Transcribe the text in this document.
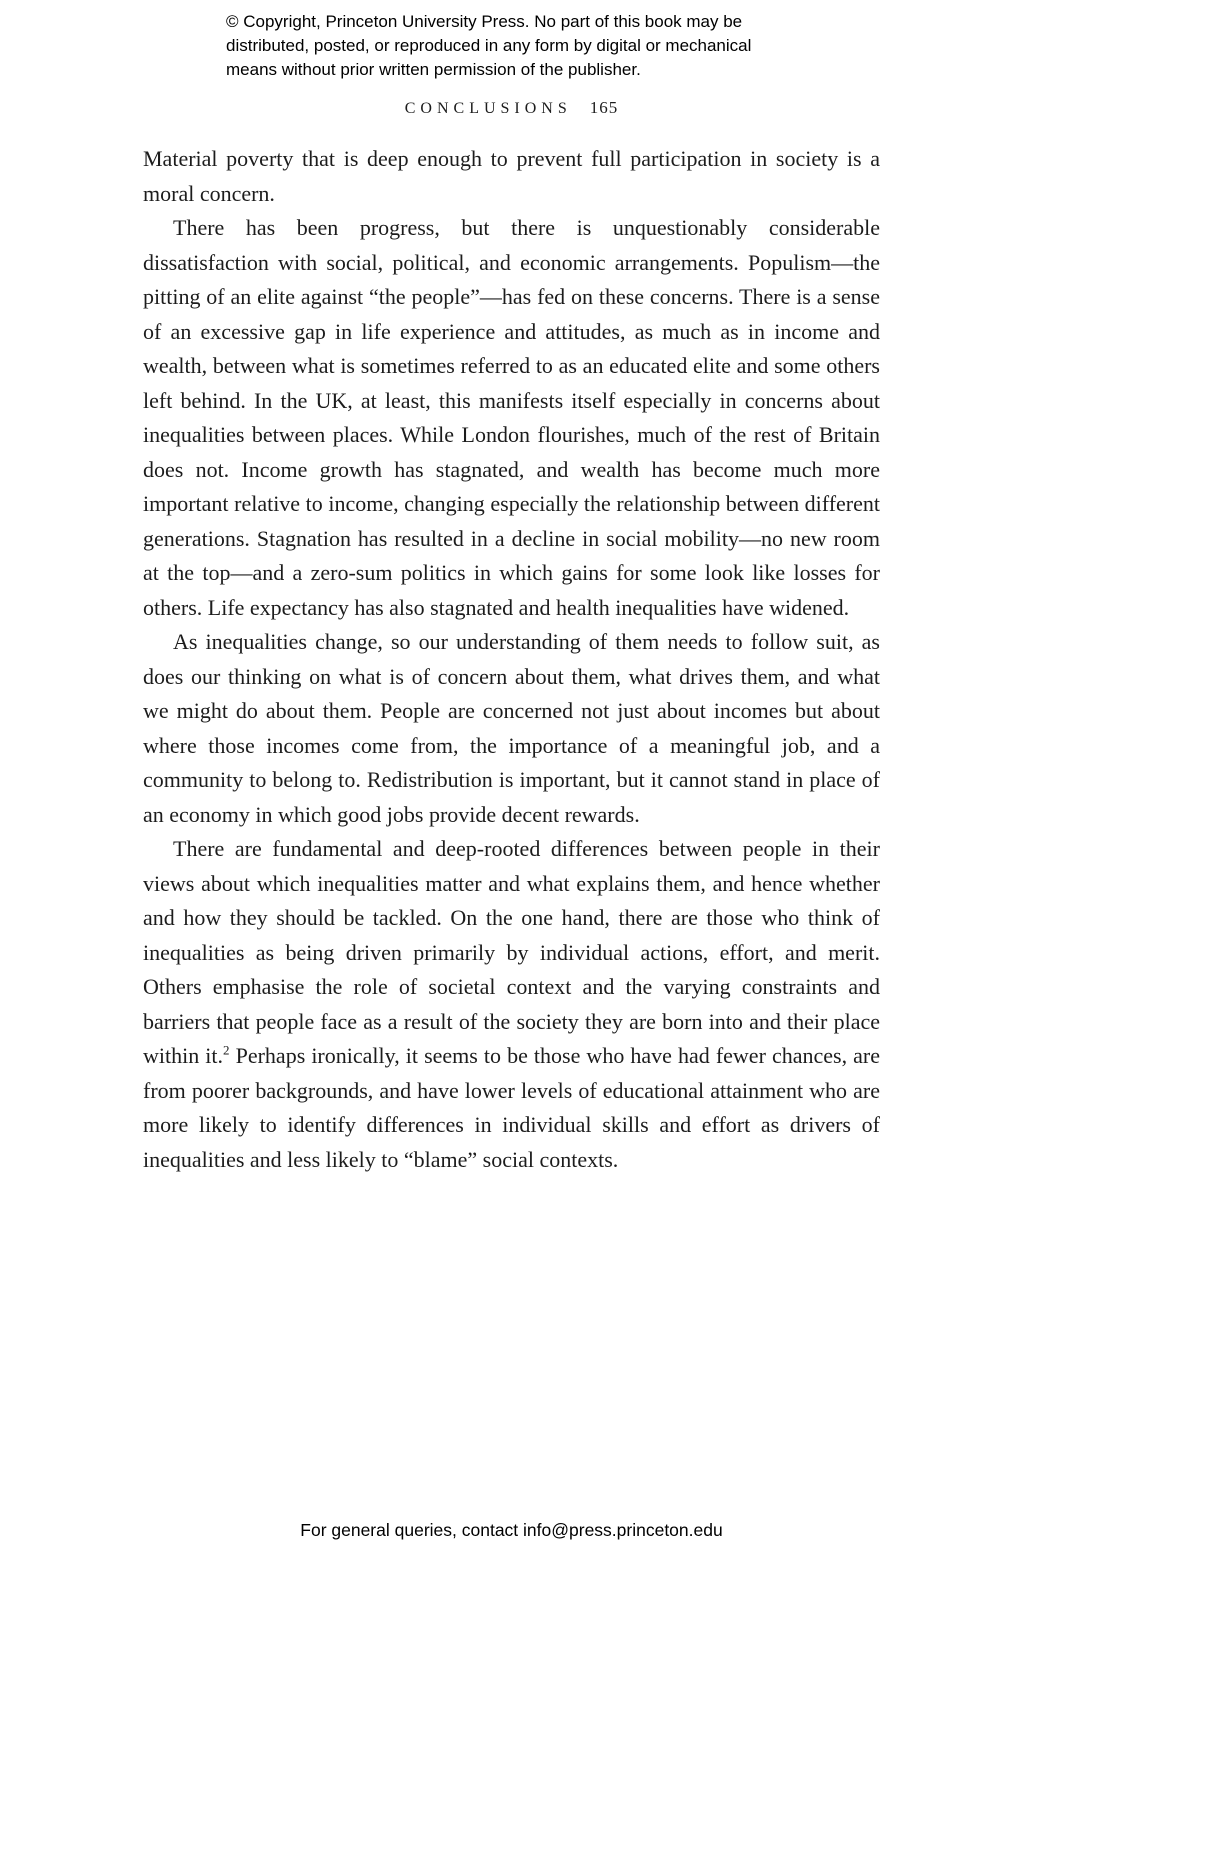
© Copyright, Princeton University Press. No part of this book may be
distributed, posted, or reproduced in any form by digital or mechanical
means without prior written permission of the publisher.
CONCLUSIONS 165

Material poverty that is deep enough to prevent full participation in society is a moral concern.

There has been progress, but there is unquestionably considerable dissatisfaction with social, political, and economic arrangements. Populism—the pitting of an elite against “the people”—has fed on these concerns. There is a sense of an excessive gap in life experience and attitudes, as much as in income and wealth, between what is sometimes referred to as an educated elite and some others left behind. In the UK, at least, this manifests itself especially in concerns about inequalities between places. While London flourishes, much of the rest of Britain does not. Income growth has stagnated, and wealth has become much more important relative to income, changing especially the relationship between different generations. Stagnation has resulted in a decline in social mobility—no new room at the top—and a zero-sum politics in which gains for some look like losses for others. Life expectancy has also stagnated and health inequalities have widened.

As inequalities change, so our understanding of them needs to follow suit, as does our thinking on what is of concern about them, what drives them, and what we might do about them. People are concerned not just about incomes but about where those incomes come from, the importance of a meaningful job, and a community to belong to. Redistribution is important, but it cannot stand in place of an economy in which good jobs provide decent rewards.

There are fundamental and deep-rooted differences between people in their views about which inequalities matter and what explains them, and hence whether and how they should be tackled. On the one hand, there are those who think of inequalities as being driven primarily by individual actions, effort, and merit. Others emphasise the role of societal context and the varying constraints and barriers that people face as a result of the society they are born into and their place within it.$^2$ Perhaps ironically, it seems to be those who have had fewer chances, are from poorer backgrounds, and have lower levels of educational attainment who are more likely to identify differences in individual skills and effort as drivers of inequalities and less likely to “blame” social contexts.

For general queries, contact info@press.princeton.edu
